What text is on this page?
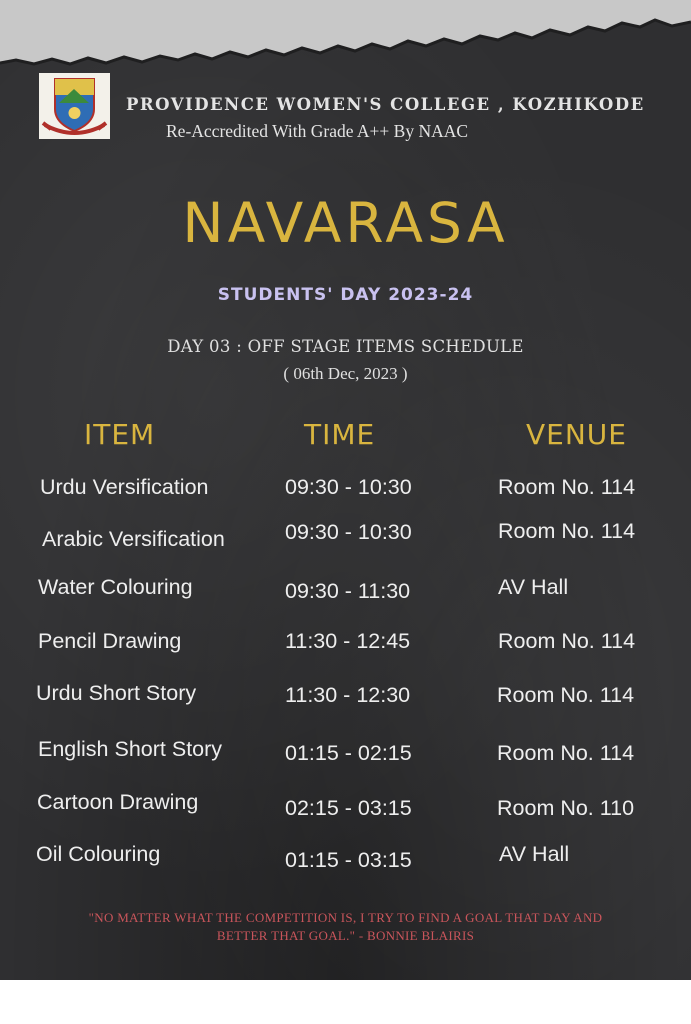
PROVIDENCE WOMEN'S COLLEGE , KOZHIKODE
Re-Accredited With Grade A++ By NAAC
NAVARASA
STUDENTS' DAY 2023-24
DAY 03 : OFF STAGE ITEMS SCHEDULE
( 06th Dec, 2023 )
ITEM	TIME	VENUE
Urdu Versification	09:30 - 10:30	Room No. 114
Arabic Versification	09:30 - 10:30	Room No. 114
Water Colouring	09:30 - 11:30	AV Hall
Pencil Drawing	11:30 - 12:45	Room No. 114
Urdu Short Story	11:30 - 12:30	Room No. 114
English Short Story	01:15 - 02:15	Room No. 114
Cartoon Drawing	02:15 - 03:15	Room No. 110
Oil Colouring	01:15 - 03:15	AV Hall
"NO MATTER WHAT THE COMPETITION IS, I TRY TO FIND A GOAL THAT DAY AND
BETTER THAT GOAL." - BONNIE BLAIRIS
